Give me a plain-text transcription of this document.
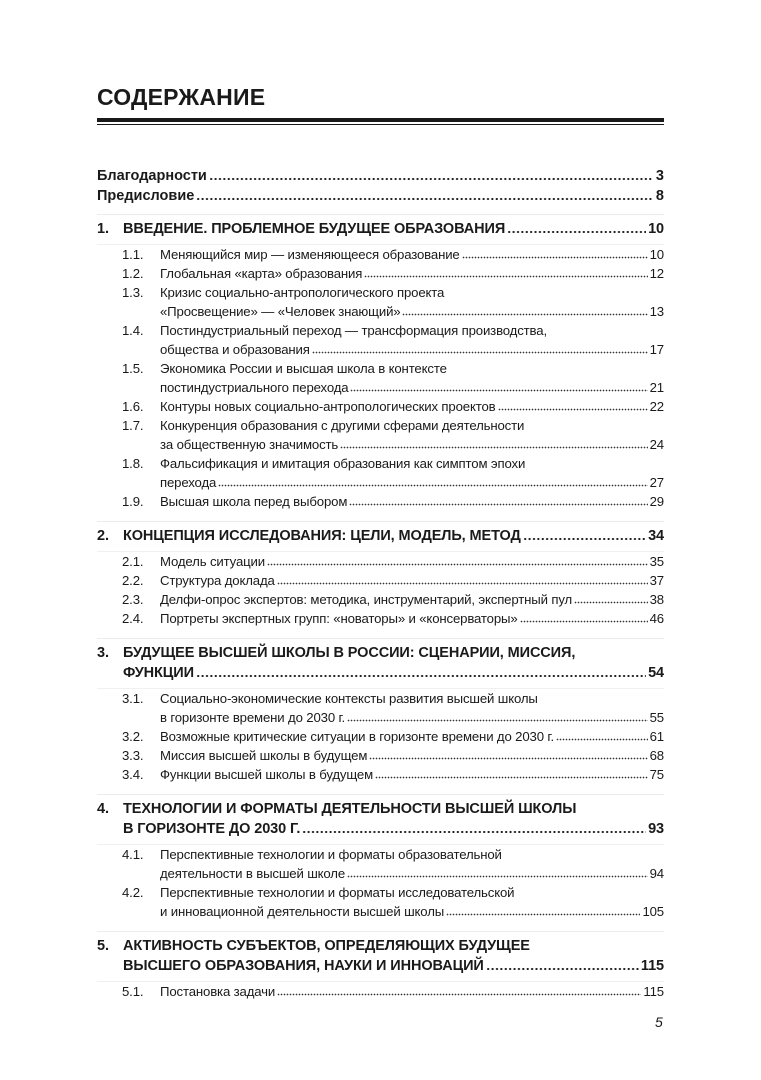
СОДЕРЖАНИЕ
Благодарности	3
Предисловие	8
1. ВВЕДЕНИЕ. ПРОБЛЕМНОЕ БУДУЩЕЕ ОБРАЗОВАНИЯ	10
1.1.	Меняющийся мир — изменяющееся образование	10
1.2.	Глобальная «карта» образования	12
1.3.	Кризис социально-антропологического проекта
«Просвещение» — «Человек знающий»	13
1.4.	Постиндустриальный переход — трансформация производства,
общества и образования	17
1.5.	Экономика России и высшая школа в контексте
постиндустриального перехода	21
1.6.	Контуры новых социально-антропологических проектов	22
1.7.	Конкуренция образования с другими сферами деятельности
за общественную значимость	24
1.8.	Фальсификация и имитация образования как симптом эпохи
перехода	27
1.9.	Высшая школа перед выбором	29
2. КОНЦЕПЦИЯ ИССЛЕДОВАНИЯ: ЦЕЛИ, МОДЕЛЬ, МЕТОД	34
2.1.	Модель ситуации	35
2.2.	Структура доклада	37
2.3.	Делфи-опрос экспертов: методика, инструментарий, экспертный пул	38
2.4.	Портреты экспертных групп: «новаторы» и «консерваторы»	46
3. БУДУЩЕЕ ВЫСШЕЙ ШКОЛЫ В РОССИИ: СЦЕНАРИИ, МИССИЯ,
ФУНКЦИИ	54
3.1.	Социально-экономические контексты развития высшей школы
в горизонте времени до 2030 г.	55
3.2.	Возможные критические ситуации в горизонте времени до 2030 г.	61
3.3.	Миссия высшей школы в будущем	68
3.4.	Функции высшей школы в будущем	75
4. ТЕХНОЛОГИИ И ФОРМАТЫ ДЕЯТЕЛЬНОСТИ ВЫСШЕЙ ШКОЛЫ
В ГОРИЗОНТЕ ДО 2030 Г.	93
4.1.	Перспективные технологии и форматы образовательной
деятельности в высшей школе	94
4.2.	Перспективные технологии и форматы исследовательской
и инновационной деятельности высшей школы	105
5. АКТИВНОСТЬ СУБЪЕКТОВ, ОПРЕДЕЛЯЮЩИХ БУДУЩЕЕ
ВЫСШЕГО ОБРАЗОВАНИЯ, НАУКИ И ИННОВАЦИЙ	115
5.1.	Постановка задачи	115
5
